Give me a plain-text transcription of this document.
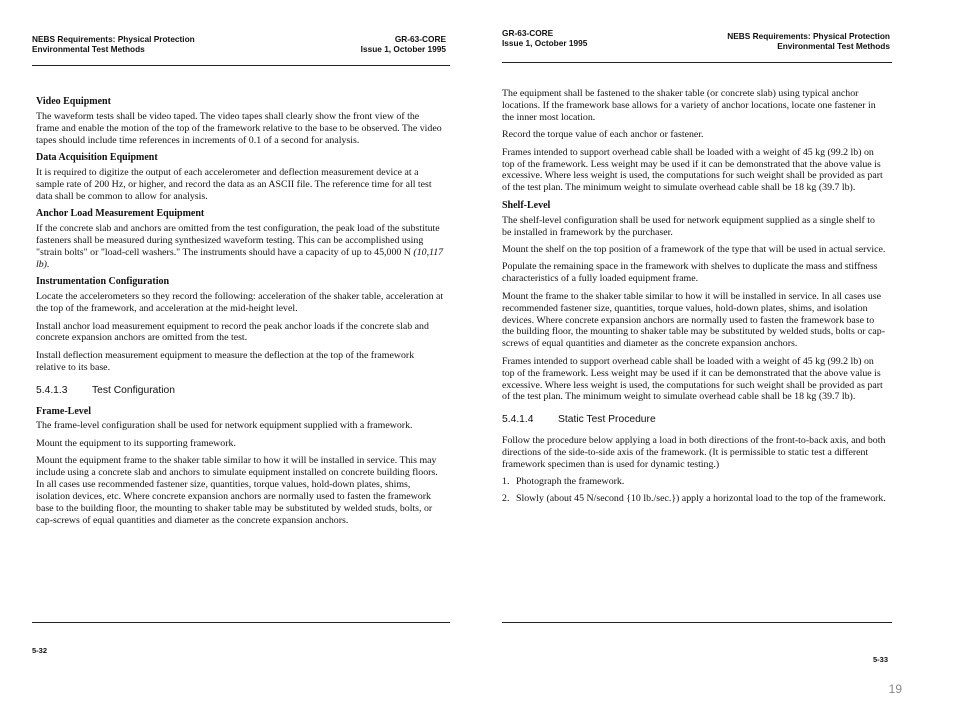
NEBS Requirements: Physical Protection
Environmental Test Methods
GR-63-CORE
Issue 1, October 1995
Video Equipment

The waveform tests shall be video taped. The video tapes shall clearly show the front view of the frame and enable the motion of the top of the framework relative to the base to be observed. The video tapes should include time references in increments of 0.1 of a second for analysis.

Data Acquisition Equipment

It is required to digitize the output of each accelerometer and deflection measurement device at a sample rate of 200 Hz, or higher, and record the data as an ASCII file. The reference time for all test data shall be common to allow for analysis.

Anchor Load Measurement Equipment

If the concrete slab and anchors are omitted from the test configuration, the peak load of the substitute fasteners shall be measured during synthesized waveform testing. This can be accomplished using "strain bolts" or "load-cell washers." The instruments should have a capacity of up to 45,000 N (10,117 lb).

Instrumentation Configuration

Locate the accelerometers so they record the following: acceleration of the shaker table, acceleration at the top of the framework, and acceleration at the mid-height level.

Install anchor load measurement equipment to record the peak anchor loads if the concrete slab and concrete expansion anchors are omitted from the test.

Install deflection measurement equipment to measure the deflection at the top of the framework relative to its base.

5.4.1.3 Test Configuration
Frame-Level

The frame-level configuration shall be used for network equipment supplied with a framework.

Mount the equipment to its supporting framework.

Mount the equipment frame to the shaker table similar to how it will be installed in service. This may include using a concrete slab and anchors to simulate equipment installed on concrete building floors. In all cases use recommended fastener size, quantities, torque values, hold-down plates, shims, isolation devices, etc. Where concrete expansion anchors are normally used to fasten the framework base to the building floor, the mounting to shaker table may be substituted by welded studs, bolts, or cap-screws of equal quantities and diameter as the concrete expansion anchors.

5-32
GR-63-CORE
Issue 1, October 1995
NEBS Requirements: Physical Protection
Environmental Test Methods

The equipment shall be fastened to the shaker table (or concrete slab) using typical anchor locations. If the framework base allows for a variety of anchor locations, locate one fastener in the inner most location.

Record the torque value of each anchor or fastener.

Frames intended to support overhead cable shall be loaded with a weight of 45 kg (99.2 lb) on top of the framework. Less weight may be used if it can be demonstrated that the above value is excessive. Where less weight is used, the computations for such weight shall be provided as part of the test plan. The minimum weight to simulate overhead cable shall be 18 kg (39.7 lb).

Shelf-Level

The shelf-level configuration shall be used for network equipment supplied as a single shelf to be installed in framework by the purchaser.

Mount the shelf on the top position of a framework of the type that will be used in actual service.

Populate the remaining space in the framework with shelves to duplicate the mass and stiffness characteristics of a fully loaded equipment frame.

Mount the frame to the shaker table similar to how it will be installed in service. In all cases use recommended fastener size, quantities, torque values, hold-down plates, shims, and isolation devices. Where concrete expansion anchors are normally used to fasten the framework base to the building floor, the mounting to shaker table may be substituted by welded studs, bolts or cap-screws of equal quantities and diameter as the concrete expansion anchors.

Frames intended to support overhead cable shall be loaded with a weight of 45 kg (99.2 lb) on top of the framework. Less weight may be used if it can be demonstrated that the above value is excessive. Where less weight is used, the computations for such weight shall be provided as part of the test plan. The minimum weight to simulate overhead cable shall be 18 kg (39.7 lb).

5.4.1.4 Static Test Procedure

Follow the procedure below applying a load in both directions of the front-to-back axis, and both directions of the side-to-side axis of the framework. (It is permissible to static test a different framework specimen than is used for dynamic testing.)

1. Photograph the framework.
2. Slowly (about 45 N/second {10 lb./sec.}) apply a horizontal load to the top of the framework.
5-33
19
